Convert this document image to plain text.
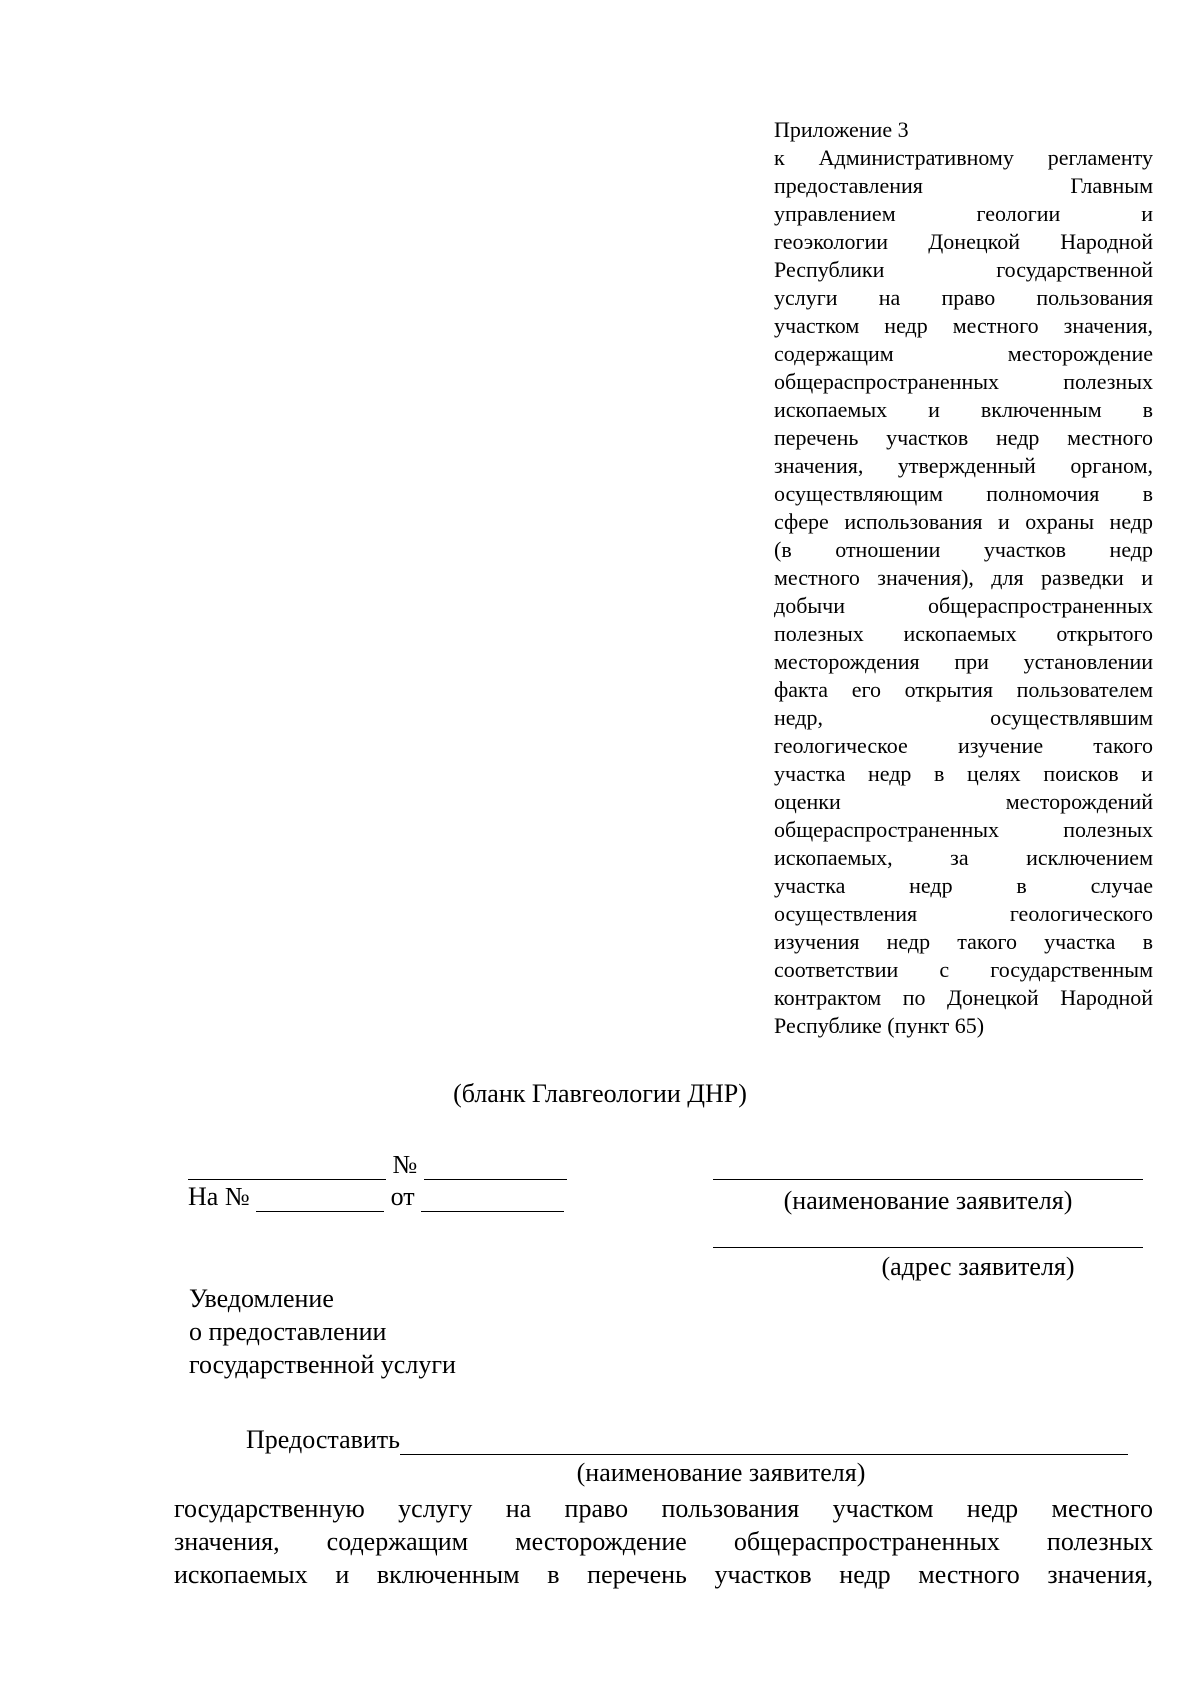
Приложение 3
к Административному регламенту
предоставления Главным
управлением геологии и
геоэкологии Донецкой Народной
Республики государственной
услуги на право пользования
участком недр местного значения,
содержащим месторождение
общераспространенных полезных
ископаемых и включенным в
перечень участков недр местного
значения, утвержденный органом,
осуществляющим полномочия в
сфере использования и охраны недр
(в отношении участков недр
местного значения), для разведки и
добычи общераспространенных
полезных ископаемых открытого
месторождения при установлении
факта его открытия пользователем
недр, осуществлявшим
геологическое изучение такого
участка недр в целях поисков и
оценки месторождений
общераспространенных полезных
ископаемых, за исключением
участка недр в случае
осуществления геологического
изучения недр такого участка в
соответствии с государственным
контрактом по Донецкой Народной
Республике (пункт 65)
(бланк Главгеологии ДНР)
№
На №	от	(наименование заявителя)
(адрес заявителя)
Уведомление
о предоставлении
государственной услуги
Предоставить
(наименование заявителя)
государственную услугу на право пользования участком недр местного
значения, содержащим месторождение общераспространенных полезных
ископаемых и включенным в перечень участков недр местного значения,
